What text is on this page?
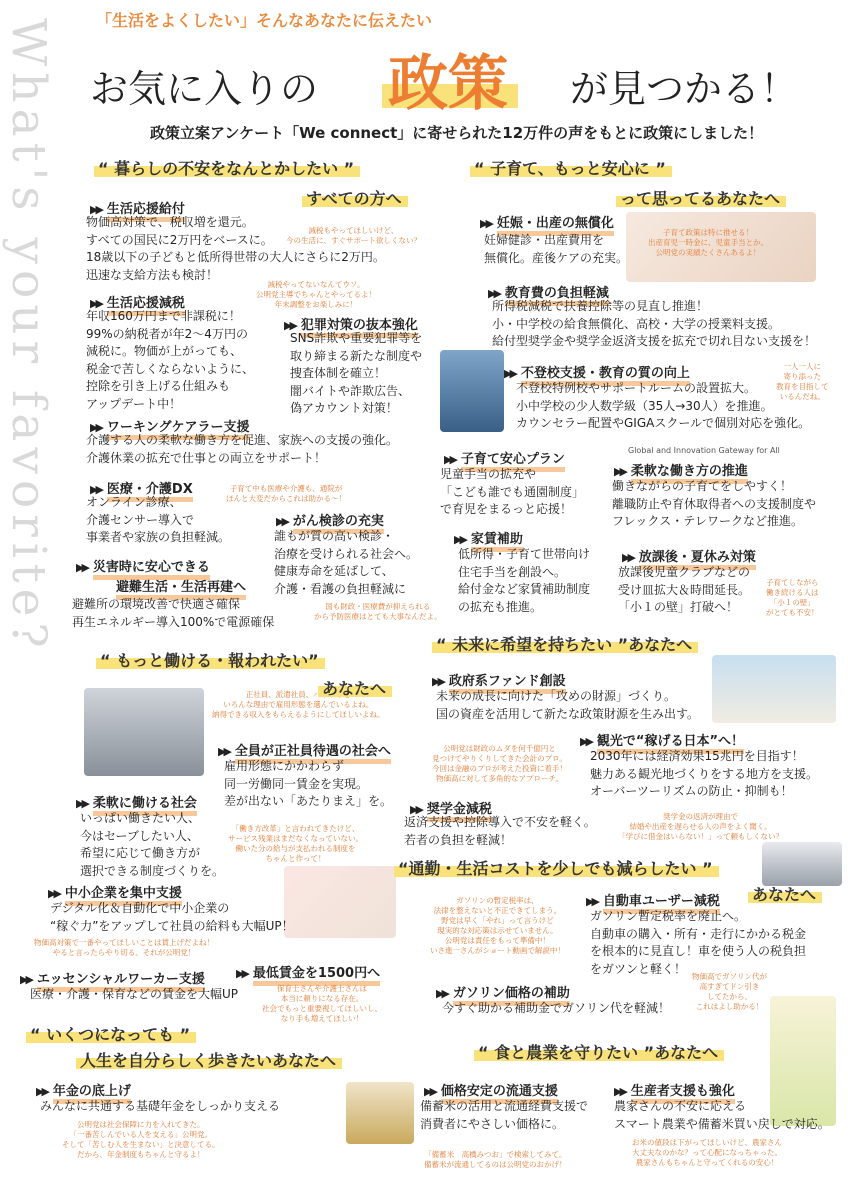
What's your favorite?	「生活をよくしたい」そんなあなたに伝えたい
お気に入りの 政策 が見つかる！
政策立案アンケート「We connect」に寄せられた12万件の声をもとに政策にしました！
“ 暮らしの不安をなんとかしたい ”
すべての方へ
“ 子育て、もっと安心に ”
って思ってるあなたへ
“ もっと働ける・報われたい”
あなたへ
“ 未来に希望を持ちたい ”あなたへ
“通勤・生活コストを少しでも減らしたい ”
あなたへ
“ いくつになっても ”
人生を自分らしく歩きたいあなたへ	“ 食と農業を守りたい ”あなたへ
▶▶ 生活応援給付
物価高対策で、税収増を還元。
すべての国民に2万円をベースに。
18歳以下の子どもと低所得世帯の大人にさらに2万円。
迅速な支給方法も検討！
▶▶ 生活応援減税
年収160万円まで非課税に！
99%の納税者が年2〜4万円の
減税に。物価が上がっても、
税金で苦しくならないように、
控除を引き上げる仕組みも
アップデート中！
▶▶ 犯罪対策の抜本強化
SNS詐欺や重要犯罪等を
取り締まる新たな制度や
捜査体制を確立！
闇バイトや詐欺広告、
偽アカウント対策！
▶▶ ワーキングケアラー支援
介護する人の柔軟な働き方を促進、家族への支援の強化。
介護休業の拡充で仕事との両立をサポート！
▶▶ 医療・介護DX
オンライン診療、
介護センサー導入で
事業者や家族の負担軽減。
▶▶ がん検診の充実
誰もが質の高い検診・
治療を受けられる社会へ。
健康寿命を延ばして、
介護・看護の負担軽減に
▶▶ 災害時に安心できる
避難生活・生活再建へ
避難所の環境改善で快適さ確保
再生エネルギー導入100%で電源確保
▶▶ 妊娠・出産の無償化
妊婦健診・出産費用を
無償化。産後ケアの充実。
▶▶ 教育費の負担軽減
所得税減税で扶養控除等の見直し推進！
小・中学校の給食無償化、高校・大学の授業料支援。
給付型奨学金や奨学金返済支援を拡充で切れ目ない支援を！
▶▶ 不登校支援・教育の質の向上
不登校特例校やサポートルームの設置拡大。
小中学校の少人数学級（35人→30人）を推進。
カウンセラー配置やGIGAスクールで個別対応を強化。
▶▶ 子育て安心プラン
児童手当の拡充や
「こども誰でも通園制度」
で育児をまるっと応援！
▶▶ 柔軟な働き方の推進
働きながらの子育てをしやすく！
離職防止や育休取得者への支援制度や
フレックス・テレワークなど推進。
▶▶ 家賃補助
低所得・子育て世帯向け
住宅手当を創設へ。
給付金など家賃補助制度
の拡充も推進。
▶▶ 放課後・夏休み対策
放課後児童クラブなどの
受け皿拡大＆時間延長。
「小１の壁」打破へ！
▶▶ 政府系ファンド創設
未来の成長に向けた「攻めの財源」づくり。
国の資産を活用して新たな政策財源を生み出す。
▶▶ 観光で“稼げる日本”へ！
2030年には経済効果15兆円を目指す！
魅力ある観光地づくりをする地方を支援。
オーバーツーリズムの防止・抑制も！
▶▶ 奨学金減税
返済支援や控除導入で不安を軽く。
若者の負担を軽減！
▶▶ 全員が正社員待遇の社会へ
雇用形態にかかわらず
同一労働同一賃金を実現。
差が出ない「あたりまえ」を。
▶▶ 柔軟に働ける社会
いっぱい働きたい人、
今はセーブしたい人、
希望に応じて働き方が
選択できる制度づくりを。
▶▶ 中小企業を集中支援
デジタル化＆自動化で中小企業の
“稼ぐ力”をアップして社員の給料も大幅UP！
▶▶ エッセンシャルワーカー支援
医療・介護・保育などの賃金を大幅UP
▶▶ 最低賃金を1500円へ
▶▶ 自動車ユーザー減税
ガソリン暫定税率を廃止へ。
自動車の購入・所有・走行にかかる税金
を根本的に見直し！車を使う人の税負担
をガツンと軽く！
▶▶ ガソリン価格の補助
今すぐ助かる補助金でガソリン代を軽減！
▶▶ 年金の底上げ
みんなに共通する基礎年金をしっかり支える
▶▶ 価格安定の流通支援
備蓄米の活用と流通経費支援で
消費者にやさしい価格に。
▶▶ 生産者支援も強化
農家さんの不安に応える
スマート農業や備蓄米買い戻しで対応。
減税もやってほしいけど、
今の生活に、すぐサポート欲しくない？
減税やってないなんてウソ。
公明党主導でちゃんとやってるよ！
年末調整をお楽しみに！
子育て政策は特に推せる！
出産育児一時金に、児童手当とか。
公明党の実績たくさんあるよ！
一人一人に
寄り添った
教育を目指して
いるんだね。
Global and Innovation Gateway for All
子育て中も医療や介護も、通院が
ほんと大変だからこれは助かる〜！
国も財政・医療費が抑えられる
から予防医療はとても大事なんだよ。
子育てしながら
働き続ける人は
「小１の壁」
がとても不安！
正社員、派遣社員、バイトなど
いろんな理由で雇用形態を選んでいるよね。
納得できる収入をもらえるようにしてほしいよね。
公明党は財政のムダを何千億円と
見つけてやりくりしてきた会計のプロ。
今回は金融のプロが考えた投資に着手！
物価高に対して多角的なアプローチ。
奨学金の返済が理由で
結婚や出産を遅らせる人の声をよく聞く。
「学びに借金はいらない！」って頼もしくない？
「働き方改革」と言われてきたけど、
サービス残業はまだなくなっていない。
働いた分の給与が支払われる制度を
ちゃんと作って！
物価高対策で一番やってほしいことは賃上げだよね！
やると言ったらやり切る、それが公明党！
保育士さんや介護士さんは
本当に頼りになる存在。
社会でもっと重要視してほしいし、
なり手も増えてほしい！
ガソリンの暫定税率は、
法律を整えないと不正できてしまう。
野党は早く「やれ」って言うけど
現実的な対応策は示せていません。
公明党は責任をもって準備中！
いさ進一さんがショート動画で解説中！
物価高でガソリン代が
高すぎてドン引き
してたから、
これはよし助かる！
公明党は社会保障に力を入れてきた。
「一番苦しんでいる人を支える」公明党。
そして「苦しむ人を生まない」と決意してる。
だから、年金制度もちゃんと守るよ！	「備蓄米　高橋みつお」で検索してみて。
備蓄米が流通してるのは公明党のおかげ！
お米の値段は下がってほしいけど、農家さん
大丈夫なのかな？って心配になっちゃった。
農家さんもちゃんと守ってくれるの安心！
